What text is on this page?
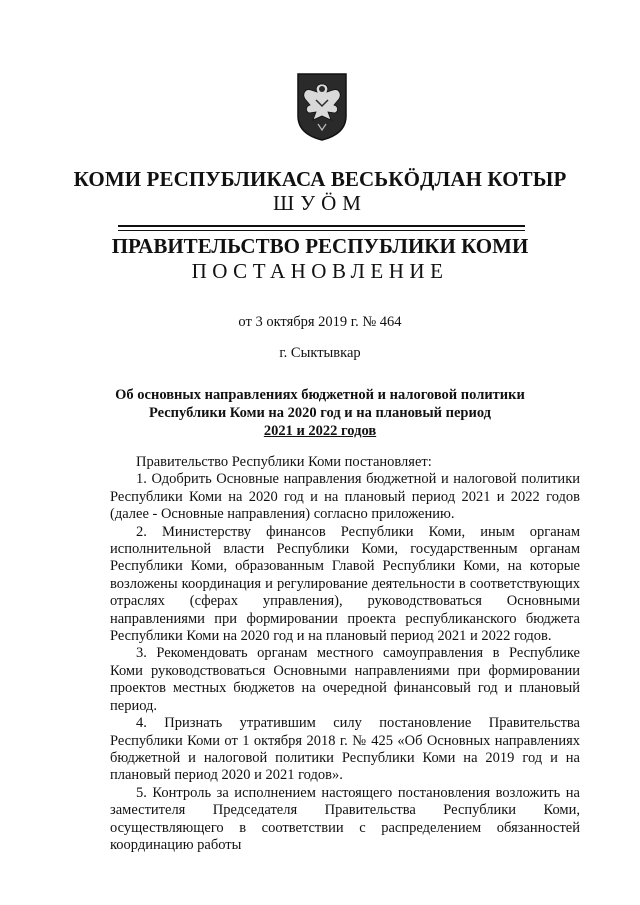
КОМИ РЕСПУБЛИКАСА ВЕСЬКÖДЛАН КОТЫР
ШУÖМ
ПРАВИТЕЛЬСТВО РЕСПУБЛИКИ КОМИ
ПОСТАНОВЛЕНИЕ
от 3 октября 2019 г. № 464
г. Сыктывкар
Об основных направлениях бюджетной и налоговой политики
Республики Коми на 2020 год и на плановый период
2021 и 2022 годов

Правительство Республики Коми постановляет:

1. Одобрить Основные направления бюджетной и налоговой политики Республики Коми на 2020 год и на плановый период 2021 и 2022 годов (далее - Основные направления) согласно приложению.

2. Министерству финансов Республики Коми, иным органам исполнительной власти Республики Коми, государственным органам Республики Коми, образованным Главой Республики Коми, на которые возложены координация и регулирование деятельности в соответствующих отраслях (сферах управления), руководствоваться Основными направлениями при формировании проекта республиканского бюджета Республики Коми на 2020 год и на плановый период 2021 и 2022 годов.

3. Рекомендовать органам местного самоуправления в Республике Коми руководствоваться Основными направлениями при формировании проектов местных бюджетов на очередной финансовый год и плановый период.

4. Признать утратившим силу постановление Правительства Республики Коми от 1 октября 2018 г. № 425 «Об Основных направлениях бюджетной и налоговой политики Республики Коми на 2019 год и на плановый период 2020 и 2021 годов».

5. Контроль за исполнением настоящего постановления возложить на заместителя Председателя Правительства Республики Коми, осуществляющего в соответствии с распределением обязанностей координацию работы
